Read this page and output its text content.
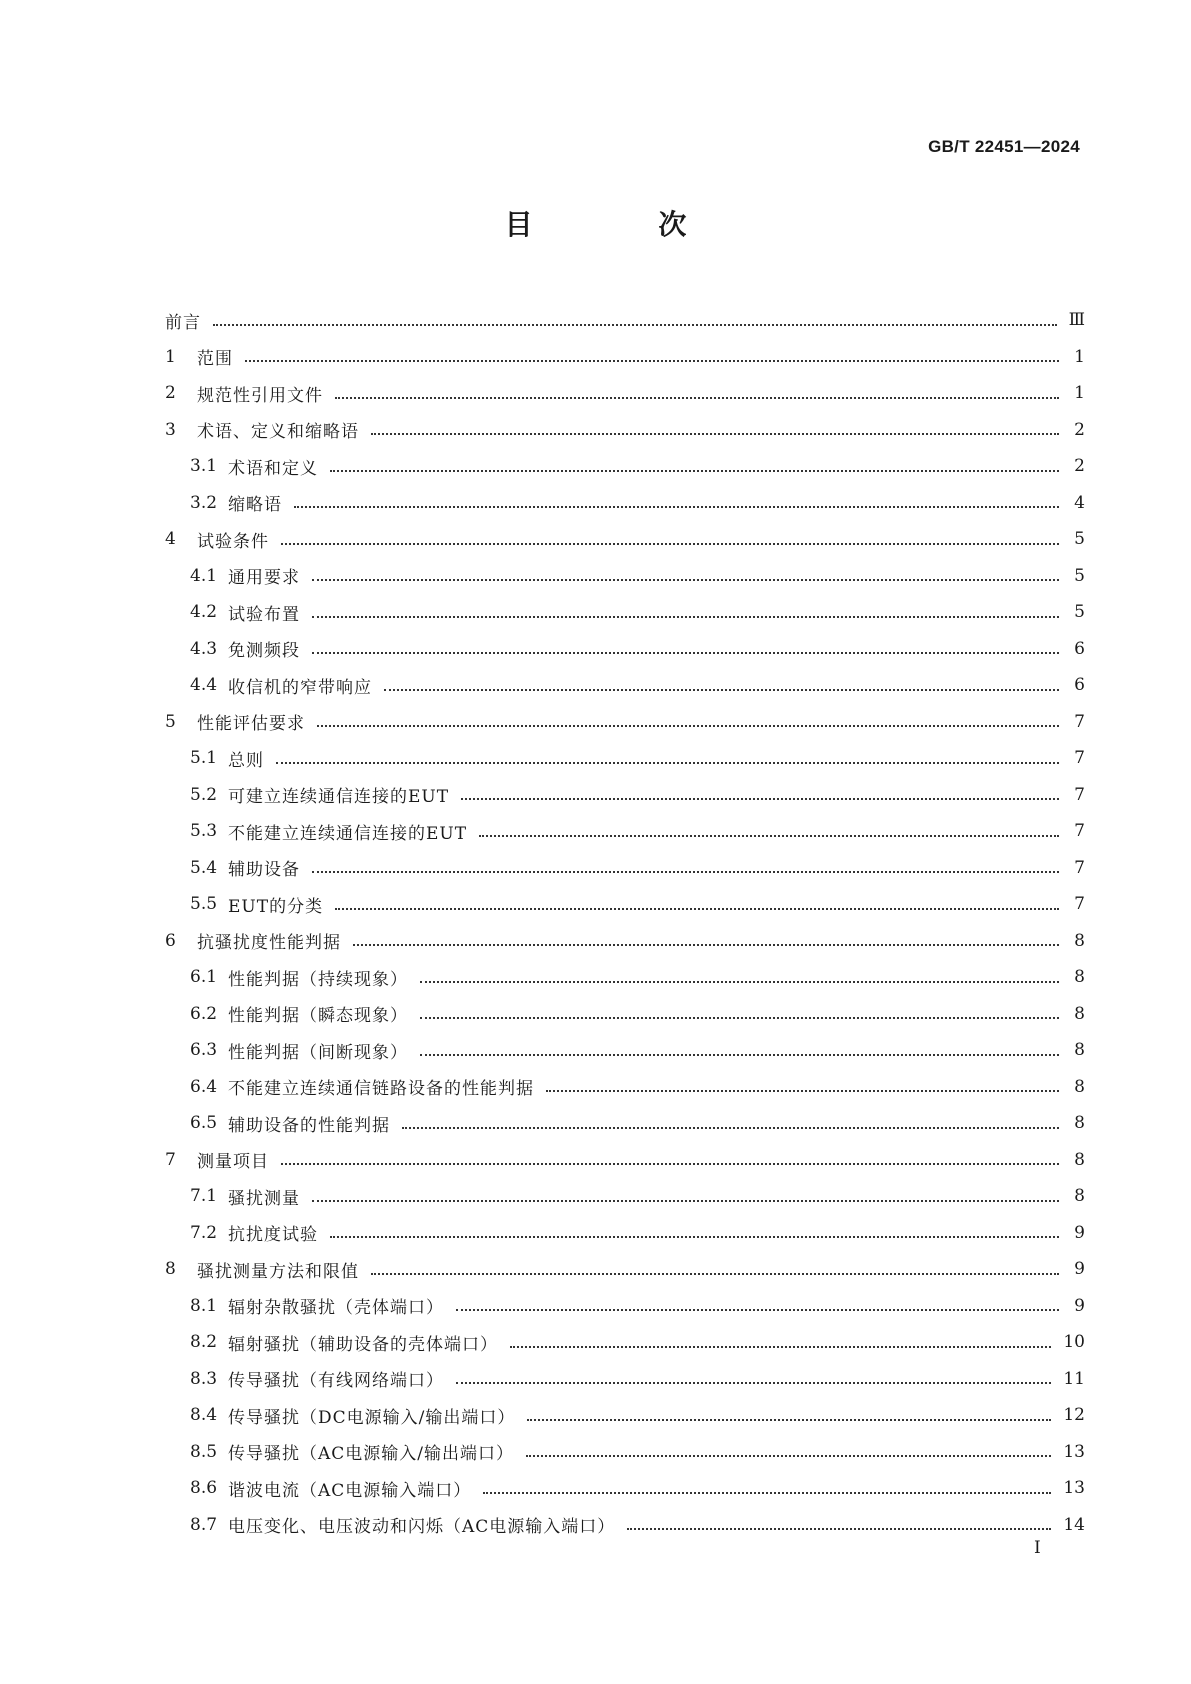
GB/T 22451—2024
目 次
前言	Ⅲ
1	范围	1
2	规范性引用文件	1
3	术语、定义和缩略语	2
3.1 术语和定义	2
3.2 缩略语	4
4	试验条件	5
4.1 通用要求	5
4.2 试验布置	5
4.3 免测频段	6
4.4 收信机的窄带响应	6
5	性能评估要求	7
5.1 总则	7
5.2 可建立连续通信连接的EUT	7
5.3 不能建立连续通信连接的EUT	7
5.4 辅助设备	7
5.5 EUT的分类	7
6	抗骚扰度性能判据	8
6.1 性能判据（持续现象）	8
6.2 性能判据（瞬态现象）	8
6.3 性能判据（间断现象）	8
6.4 不能建立连续通信链路设备的性能判据	8
6.5 辅助设备的性能判据	8
7	测量项目	8
7.1 骚扰测量	8
7.2 抗扰度试验	9
8	骚扰测量方法和限值	9
8.1 辐射杂散骚扰（壳体端口）	9
8.2 辐射骚扰（辅助设备的壳体端口）	10
8.3 传导骚扰（有线网络端口）	11
8.4 传导骚扰（DC电源输入/输出端口）	12
8.5 传导骚扰（AC电源输入/输出端口）	13
8.6 谐波电流（AC电源输入端口）	13
8.7 电压变化、电压波动和闪烁（AC电源输入端口）	14
I
